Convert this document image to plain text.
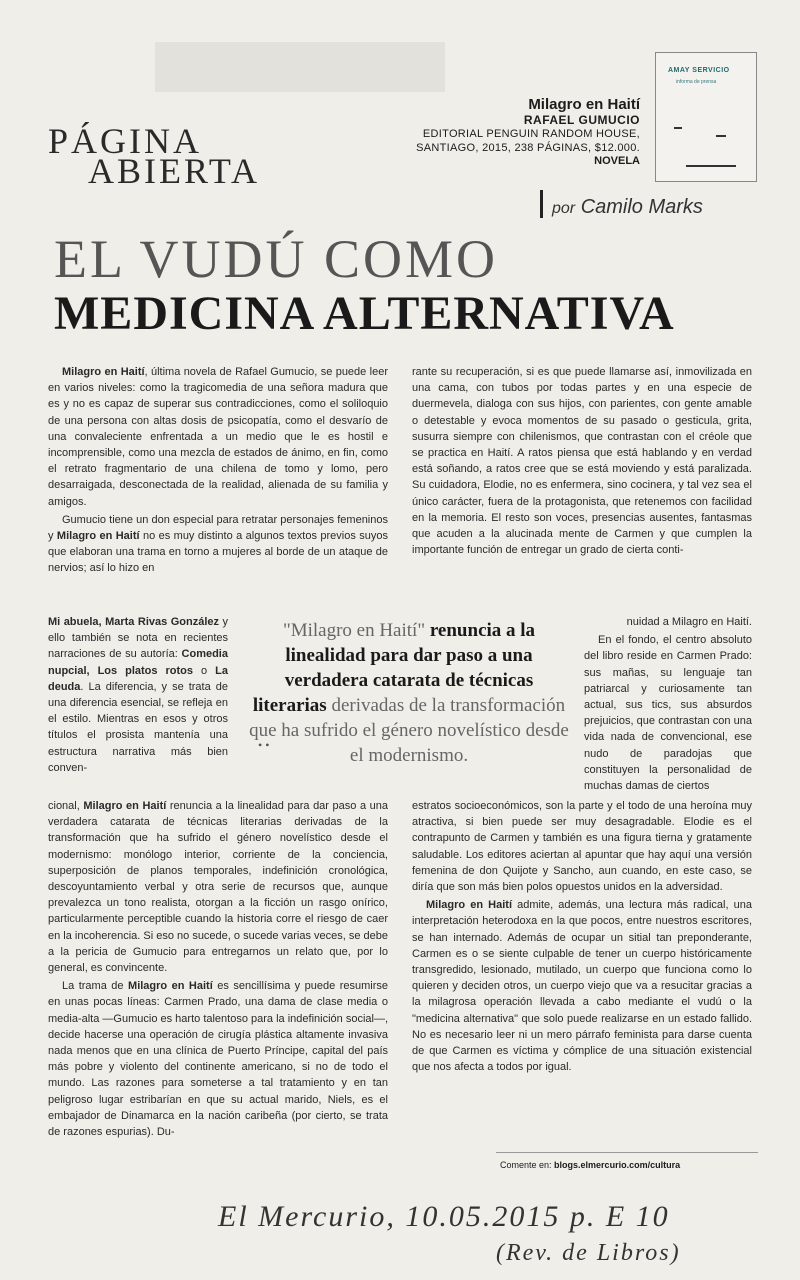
PÁGINA
ABIERTA
Milagro en Haití
RAFAEL GUMUCIO
EDITORIAL PENGUIN RANDOM HOUSE,
SANTIAGO, 2015, 238 PÁGINAS, $12.000.
NOVELA
AMAY SERVICIO
informa de prensa
por Camilo Marks
EL VUDÚ COMO
MEDICINA ALTERNATIVA

Milagro en Haití, última novela de Rafael Gumucio, se puede leer en varios niveles: como la tragicomedia de una señora madura que es y no es capaz de superar sus contradicciones, como el soliloquio de una persona con altas dosis de psicopatía, como el desvarío de una convaleciente enfrentada a un medio que le es hostil e incomprensible, como una mezcla de estados de ánimo, en fin, como el retrato fragmentario de una chilena de tomo y lomo, pero desarraigada, desconectada de la realidad, alienada de su familia y amigos.

Gumucio tiene un don especial para retratar personajes femeninos y Milagro en Haití no es muy distinto a algunos textos previos suyos que elaboran una trama en torno a mujeres al borde de un ataque de nervios; así lo hizo en

Mi abuela, Marta Rivas González y ello también se nota en recientes narraciones de su autoría: Comedia nupcial, Los platos rotos o La deuda. La diferencia, y se trata de una diferencia esencial, se refleja en el estilo. Mientras en esos y otros títulos el prosista mantenía una estructura narrativa más bien conven-

cional, Milagro en Haití renuncia a la linealidad para dar paso a una verdadera catarata de técnicas literarias derivadas de la transformación que ha sufrido el género novelístico desde el modernismo: monólogo interior, corriente de la conciencia, superposición de planos temporales, indefinición cronológica, descoyuntamiento verbal y otra serie de recursos que, aunque prevalezca un tono realista, otorgan a la ficción un rasgo onírico, particularmente perceptible cuando la historia corre el riesgo de caer en la incoherencia. Si eso no sucede, o sucede varias veces, se debe a la pericia de Gumucio para entregarnos un relato que, por lo general, es convincente.

La trama de Milagro en Haití es sencillísima y puede resumirse en unas pocas líneas: Carmen Prado, una dama de clase media o media-alta —Gumucio es harto talentoso para la indefinición social—, decide hacerse una operación de cirugía plástica altamente invasiva nada menos que en una clínica de Puerto Príncipe, capital del país más pobre y violento del continente americano, si no de todo el mundo. Las razones para someterse a tal tratamiento y en tan peligroso lugar estribarían en que su actual marido, Niels, es el embajador de Dinamarca en la nación caribeña (por cierto, se trata de razones espurias). Du-

rante su recuperación, si es que puede llamarse así, inmovilizada en una cama, con tubos por todas partes y en una especie de duermevela, dialoga con sus hijos, con parientes, con gente amable o detestable y evoca momentos de su pasado o gesticula, grita, susurra siempre con chilenismos, que contrastan con el créole que se practica en Haití. A ratos piensa que está hablando y en verdad está soñando, a ratos cree que se está moviendo y está paralizada. Su cuidadora, Elodie, no es enfermera, sino cocinera, y tal vez sea el único carácter, fuera de la protagonista, que retenemos con facilidad en la memoria. El resto son voces, presencias ausentes, fantasmas que acuden a la alucinada mente de Carmen y que cumplen la importante función de entregar un grado de cierta conti-

nuidad a Milagro en Haití.

En el fondo, el centro absoluto del libro reside en Carmen Prado: sus mañas, su lenguaje tan patriarcal y curiosamente tan actual, sus tics, sus absurdos prejuicios, que contrastan con una vida nada de convencional, ese nudo de paradojas que constituyen la personalidad de muchas damas de ciertos

estratos socioeconómicos, son la parte y el todo de una heroína muy atractiva, si bien puede ser muy desagradable. Elodie es el contrapunto de Carmen y también es una figura tierna y gratamente saludable. Los editores aciertan al apuntar que hay aquí una versión femenina de don Quijote y Sancho, aun cuando, en este caso, se diría que son más bien polos opuestos unidos en la adversidad.

Milagro en Haití admite, además, una lectura más radical, una interpretación heterodoxa en la que pocos, entre nuestros escritores, se han internado. Además de ocupar un sitial tan preponderante, Carmen es o se siente culpable de tener un cuerpo históricamente transgredido, lesionado, mutilado, un cuerpo que funciona como lo quieren y deciden otros, un cuerpo viejo que va a resucitar gracias a la milagrosa operación llevada a cabo mediante el vudú o la "medicina alternativa" que solo puede realizarse en un estado fallido. No es necesario leer ni un mero párrafo feminista para darse cuenta de que Carmen es víctima y cómplice de una situación existencial que nos afecta a todos por igual.

"Milagro en Haití" renuncia a la linealidad para dar paso a una verdadera catarata de técnicas literarias derivadas de la transformación que ha sufrido el género novelístico desde el modernismo.
• •
Comente en: blogs.elmercurio.com/cultura
El Mercurio, 10.05.2015 p. E 10
(Rev. de Libros)
